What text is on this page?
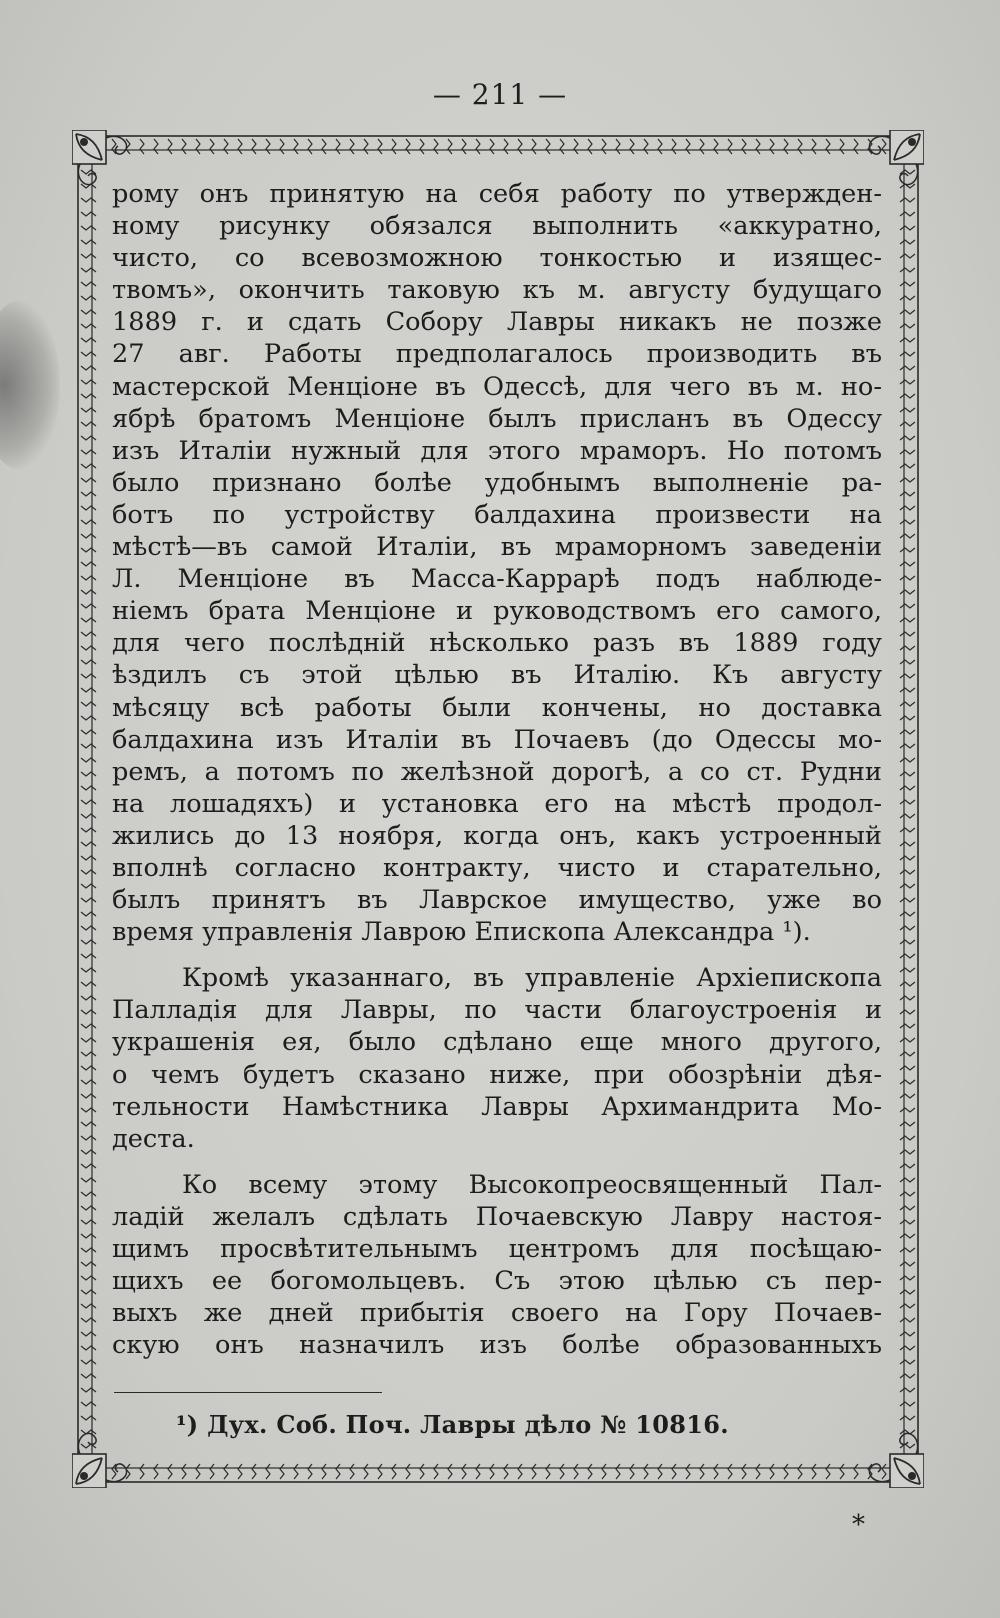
— 211 —
рому онъ принятую на себя работу по утвержден-
ному рисунку обязался выполнить «аккуратно,
чисто, со всевозможною тонкостью и изящес-
твомъ», окончить таковую къ м. августу будущаго
1889 г. и сдать Собору Лавры никакъ не позже
27 авг. Работы предполагалось производить въ
мастерской Менціоне въ Одессѣ, для чего въ м. но-
ябрѣ братомъ Менціоне былъ присланъ въ Одессу
изъ Италіи нужный для этого мраморъ. Но потомъ
было признано болѣе удобнымъ выполненіе ра-
ботъ по устройству балдахина произвести на
мѣстѣ—въ самой Италіи, въ мраморномъ заведеніи
Л. Менціоне въ Масса-Каррарѣ подъ наблюде-
ніемъ брата Менціоне и руководствомъ его самого,
для чего послѣдній нѣсколько разъ въ 1889 году
ѣздилъ съ этой цѣлью въ Италію. Къ августу
мѣсяцу всѣ работы были кончены, но доставка
балдахина изъ Италіи въ Почаевъ (до Одессы мо-
ремъ, а потомъ по желѣзной дорогѣ, а со ст. Рудни
на лошадяхъ) и установка его на мѣстѣ продол-
жились до 13 ноября, когда онъ, какъ устроенный
вполнѣ согласно контракту, чисто и старательно,
былъ принятъ въ Лаврское имущество, уже во
время управленія Лаврою Епископа Александра ¹).
Кромѣ указаннаго, въ управленіе Архіепископа
Палладія для Лавры, по части благоустроенія и
украшенія ея, было сдѣлано еще много другого,
о чемъ будетъ сказано ниже, при обозрѣніи дѣя-
тельности Намѣстника Лавры Архимандрита Мо-
деста.
Ко всему этому Высокопреосвященный Пал-
ладій желалъ сдѣлать Почаевскую Лавру настоя-
щимъ просвѣтительнымъ центромъ для посѣщаю-
щихъ ее богомольцевъ. Съ этою цѣлью съ пер-
выхъ же дней прибытія своего на Гору Почаев-
скую онъ назначилъ изъ болѣе образованныхъ
¹) Дух. Соб. Поч. Лавры дѣло № 10816.
*
